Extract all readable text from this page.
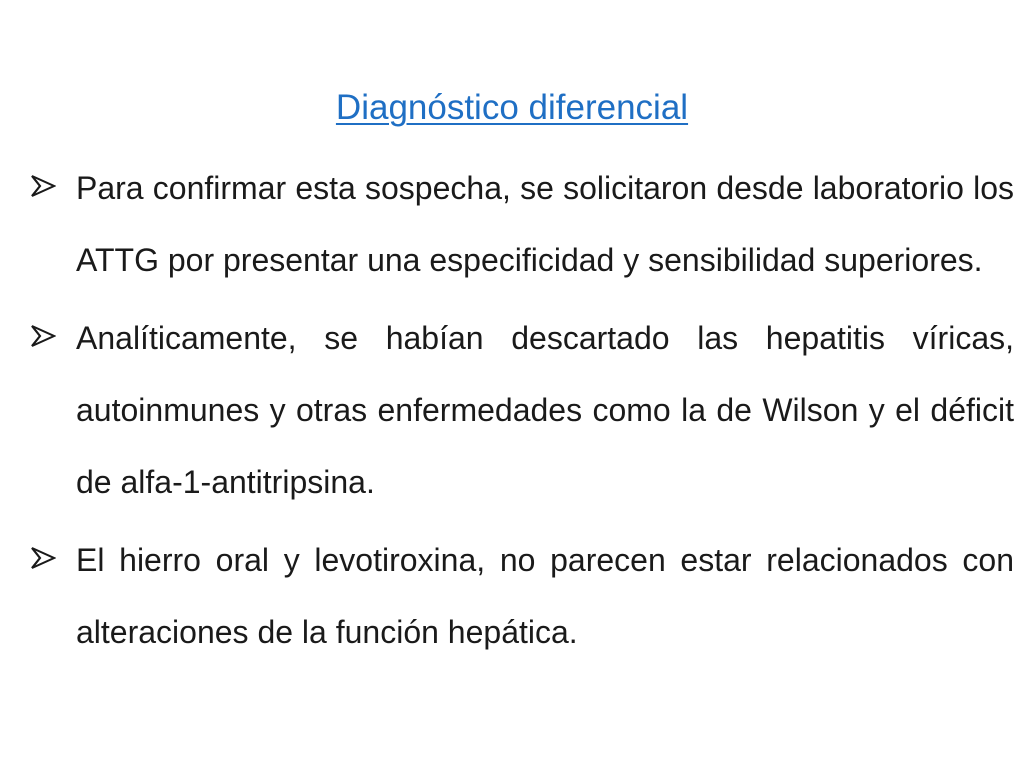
Diagnóstico diferencial

Para confirmar esta sospecha, se solicitaron desde laboratorio los ATTG por presentar una especificidad y sensibilidad superiores.

Analíticamente, se habían descartado las hepatitis víricas, autoinmunes y otras enfermedades como la de Wilson y el déficit de alfa-1-antitripsina.

El hierro oral y levotiroxina, no parecen estar relacionados con alteraciones de la función hepática.
